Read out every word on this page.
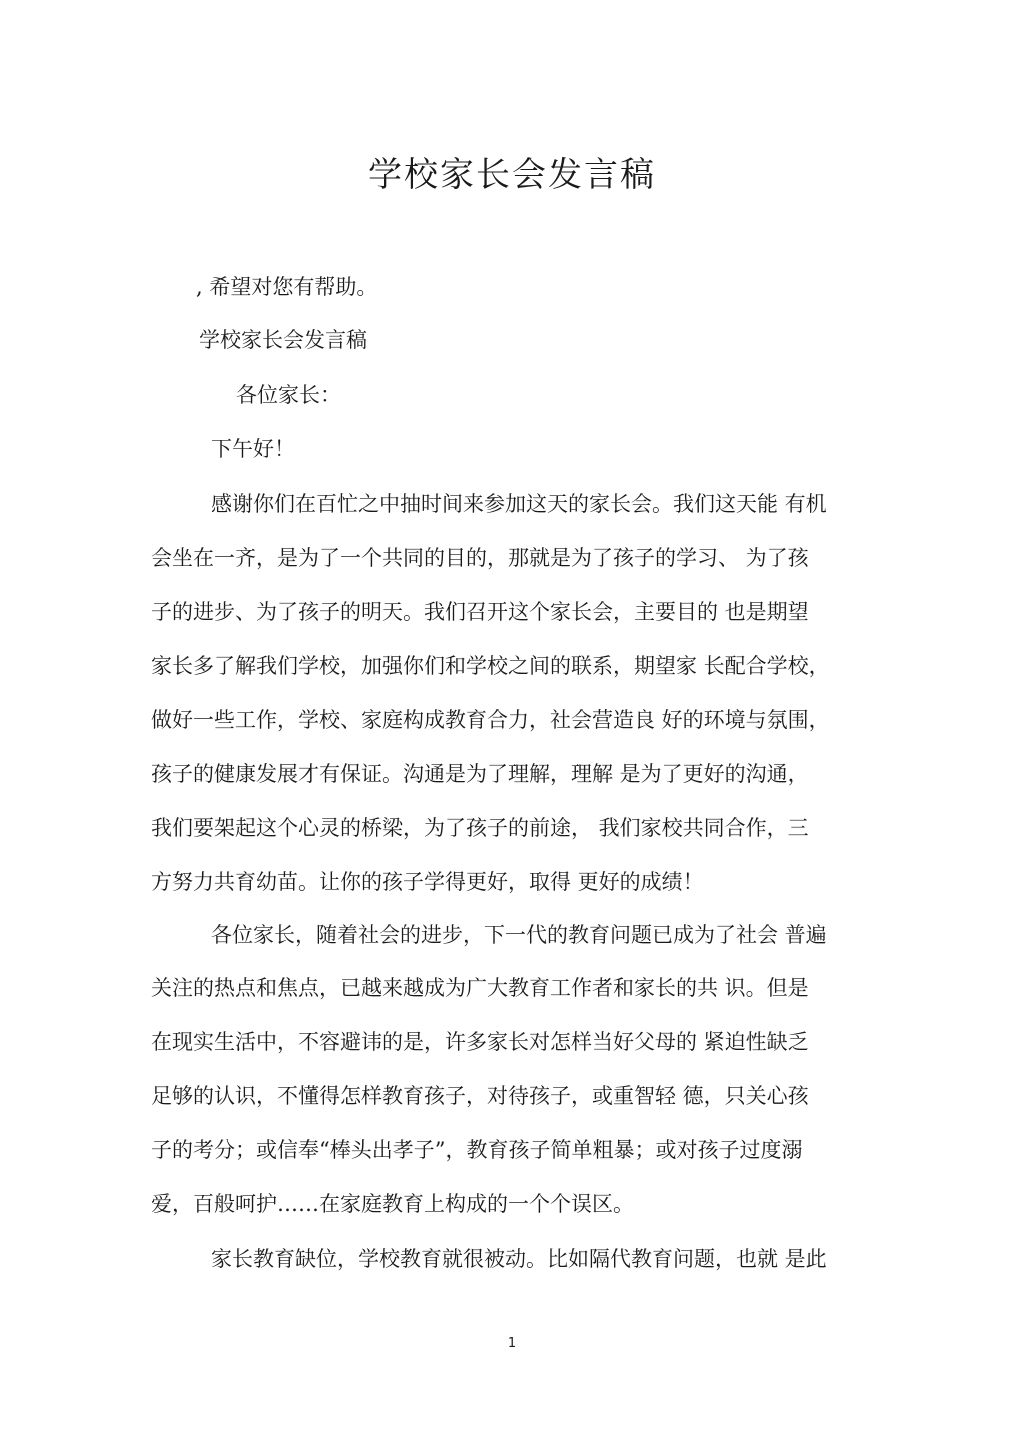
学校家长会发言稿

, 希望对您有帮助。

学校家长会发言稿

各位家长：

下午好！

感谢你们在百忙之中抽时间来参加这天的家长会。我们这天能 有机

会坐在一齐，是为了一个共同的目的，那就是为了孩子的学习、 为了孩

子的进步、为了孩子的明天。我们召开这个家长会，主要目的 也是期望

家长多了解我们学校，加强你们和学校之间的联系，期望家 长配合学校，

做好一些工作，学校、家庭构成教育合力，社会营造良 好的环境与氛围，

孩子的健康发展才有保证。沟通是为了理解，理解 是为了更好的沟通，

我们要架起这个心灵的桥梁，为了孩子的前途， 我们家校共同合作，三

方努力共育幼苗。让你的孩子学得更好，取得 更好的成绩！

各位家长，随着社会的进步，下一代的教育问题已成为了社会 普遍

关注的热点和焦点，已越来越成为广大教育工作者和家长的共 识。但是

在现实生活中，不容避讳的是，许多家长对怎样当好父母的 紧迫性缺乏

足够的认识，不懂得怎样教育孩子，对待孩子，或重智轻 德，只关心孩

子的考分；或信奉“棒头出孝子”，教育孩子简单粗暴；或对孩子过度溺

爱，百般呵护……在家庭教育上构成的一个个误区。

家长教育缺位，学校教育就很被动。比如隔代教育问题，也就 是此

1
